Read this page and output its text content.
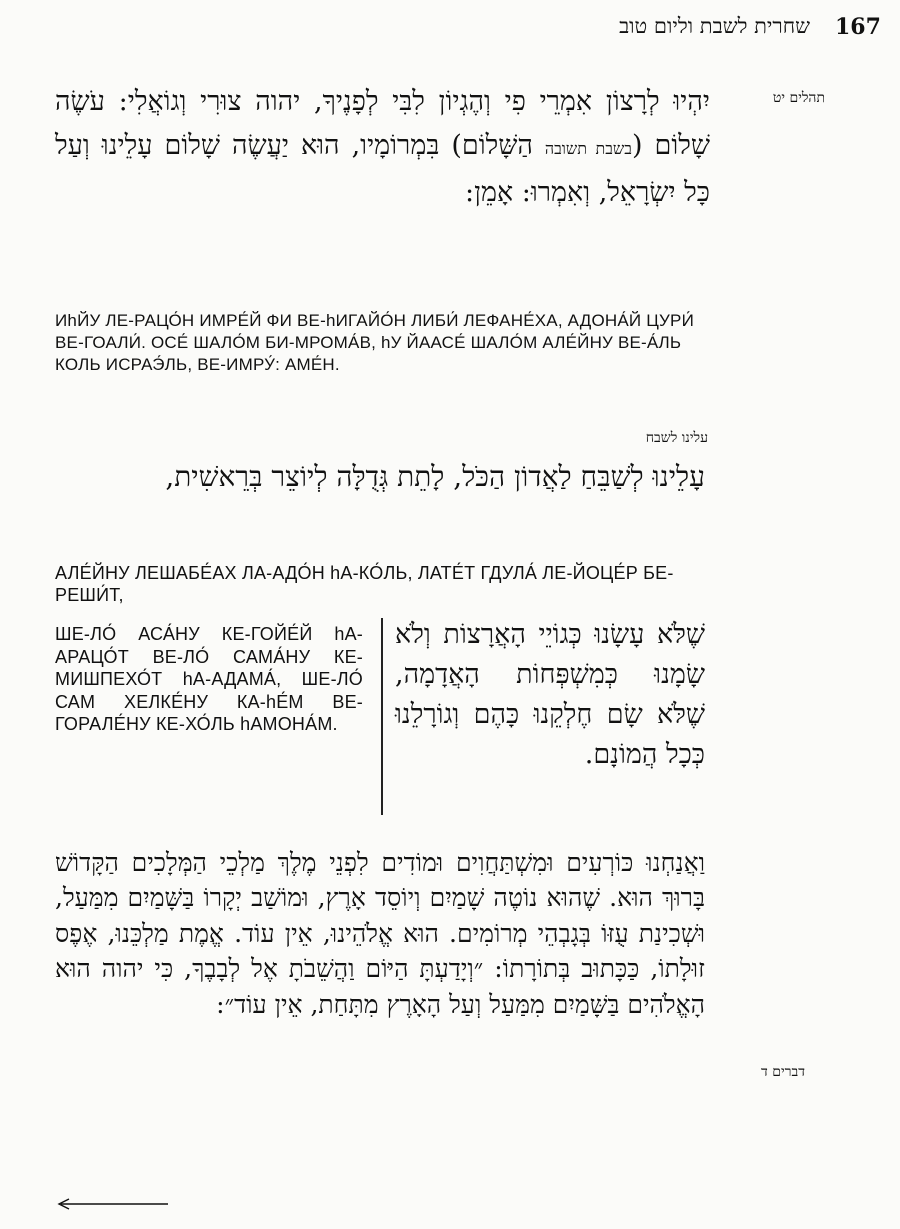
167
שחרית לשבת וליום טוב
תהלים יט
יִהְיוּ לְרָצוֹן אִמְרֵי פִי וְהֶגְיוֹן לִבִּי לְפָנֶיךָ, יהוה צוּרִי וְגוֹאֲלִי: עֹשֶׂה שָׁלוֹם (בשבת תשובה הַשָּׁלוֹם) בִּמְרוֹמָיו, הוּא יַעֲשֶׂה שָׁלוֹם עָלֵינוּ וְעַל כָּל יִשְׂרָאֵל, וְאִמְרוּ: אָמֵן:
ИhЙУ ЛЕ-РАЦО́Н ИМРЕ́Й ФИ ВЕ-hИГАЙО́Н ЛИБИ́ ЛЕФАНЕ́ХА, АДОНА́Й ЦУРИ́ ВЕ-ГОАЛИ́. ОСЕ́ ШАЛО́М БИ-МРОМА́В, hУ ЙААСЕ́ ШАЛО́М АЛЕ́ЙНУ ВЕ-А́ЛЬ КОЛЬ ИСРАЭ́ЛЬ, ВЕ-ИМРУ́: АМЕ́Н.
עלינו לשבח
עָלֵינוּ לְשַׁבֵּחַ לַאֲדוֹן הַכֹּל, לָתֵת גְּדֻלָּה לְיוֹצֵר בְּרֵאשִׁית,
АЛЕ́ЙНУ ЛЕШАБЕ́АХ ЛА-АДО́Н hА-КО́ЛЬ, ЛАТЕ́Т ГДУЛА́ ЛЕ-ЙОЦЕ́Р БЕ-РЕШИ́Т,
ШЕ-ЛО́ АСА́НУ КЕ-ГОЙЕ́Й hА-АРАЦО́Т ВЕ-ЛО́ САМА́НУ КЕ-МИШПЕХО́Т hА-АДАМА́, ШЕ-ЛО́ САМ ХЕЛКЕ́НУ КА-hЕ́М ВЕ-ГОРАЛЕ́НУ КЕ-ХО́ЛЬ hАМОНА́М.
שֶׁלֹּא עָשָׂנוּ כְּגוֹיֵי הָאֲרָצוֹת וְלֹא שָׂמָנוּ כְּמִשְׁפְּחוֹת הָאֲדָמָה, שֶׁלֹּא שָׂם חֶלְקֵנוּ כָּהֶם וְגוֹרָלֵנוּ כְּכָל הֲמוֹנָם.
וַאֲנַחְנוּ כּוֹרְעִים וּמִשְׁתַּחֲוִים וּמוֹדִים לִפְנֵי מֶלֶךְ מַלְכֵי הַמְּלָכִים הַקָּדוֹשׁ בָּרוּךְ הוּא. שֶׁהוּא נוֹטֶה שָׁמַיִם וְיוֹסֵד אָרֶץ, וּמוֹשַׁב יְקָרוֹ בַּשָּׁמַיִם מִמַּעַל, וּשְׁכִינַת עֻזּוֹ בְּגָבְהֵי מְרוֹמִים. הוּא אֱלֹהֵינוּ, אֵין עוֹד. אֱמֶת מַלְכֵּנוּ, אֶפֶס זוּלָתוֹ, כַּכָּתוּב בְּתוֹרָתוֹ: ״וְיָדַעְתָּ הַיּוֹם וַהֲשֵׁבֹתָ אֶל לְבָבֶךָ, כִּי יהוה הוּא הָאֱלֹהִים בַּשָּׁמַיִם מִמַּעַל וְעַל הָאָרֶץ מִתָּחַת, אֵין עוֹד״:
דברים ד
